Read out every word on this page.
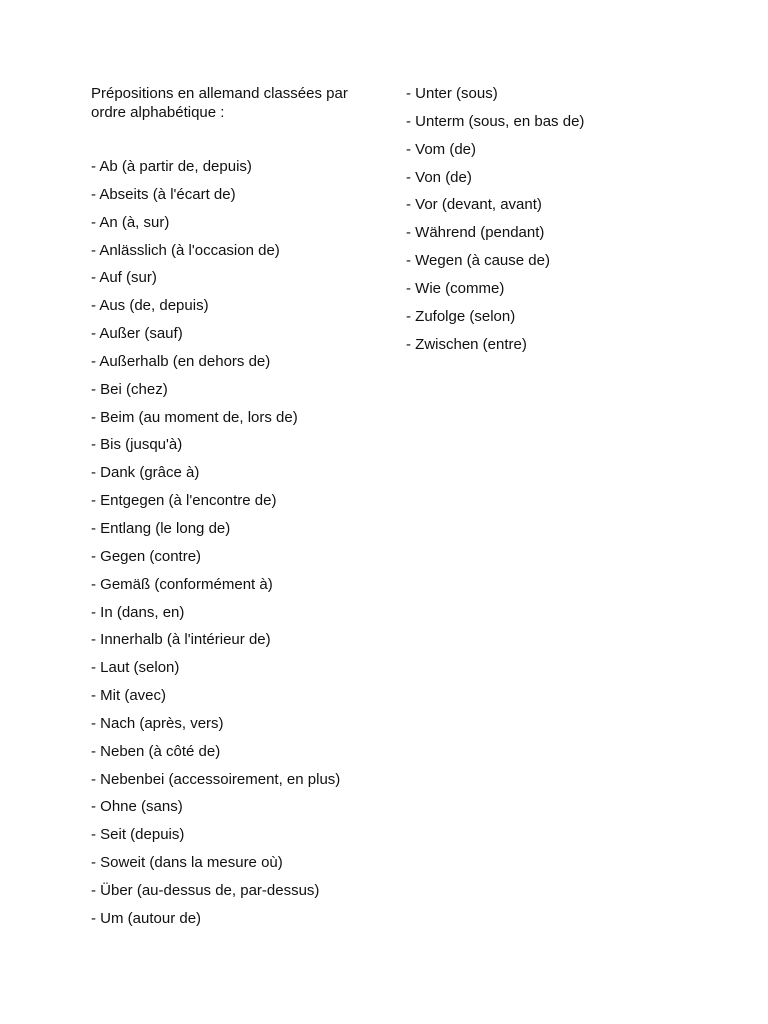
Prépositions en allemand classées par ordre alphabétique :
- Ab (à partir de, depuis)
- Abseits (à l'écart de)
- An (à, sur)
- Anlässlich (à l'occasion de)
- Auf (sur)
- Aus (de, depuis)
- Außer (sauf)
- Außerhalb (en dehors de)
- Bei (chez)
- Beim (au moment de, lors de)
- Bis (jusqu'à)
- Dank (grâce à)
- Entgegen (à l'encontre de)
- Entlang (le long de)
- Gegen (contre)
- Gemäß (conformément à)
- In (dans, en)
- Innerhalb (à l'intérieur de)
- Laut (selon)
- Mit (avec)
- Nach (après, vers)
- Neben (à côté de)
- Nebenbei (accessoirement, en plus)
- Ohne (sans)
- Seit (depuis)
- Soweit (dans la mesure où)
- Über (au-dessus de, par-dessus)
- Um (autour de)
- Unter (sous)
- Unterm (sous, en bas de)
- Vom (de)
- Von (de)
- Vor (devant, avant)
- Während (pendant)
- Wegen (à cause de)
- Wie (comme)
- Zufolge (selon)
- Zwischen (entre)
